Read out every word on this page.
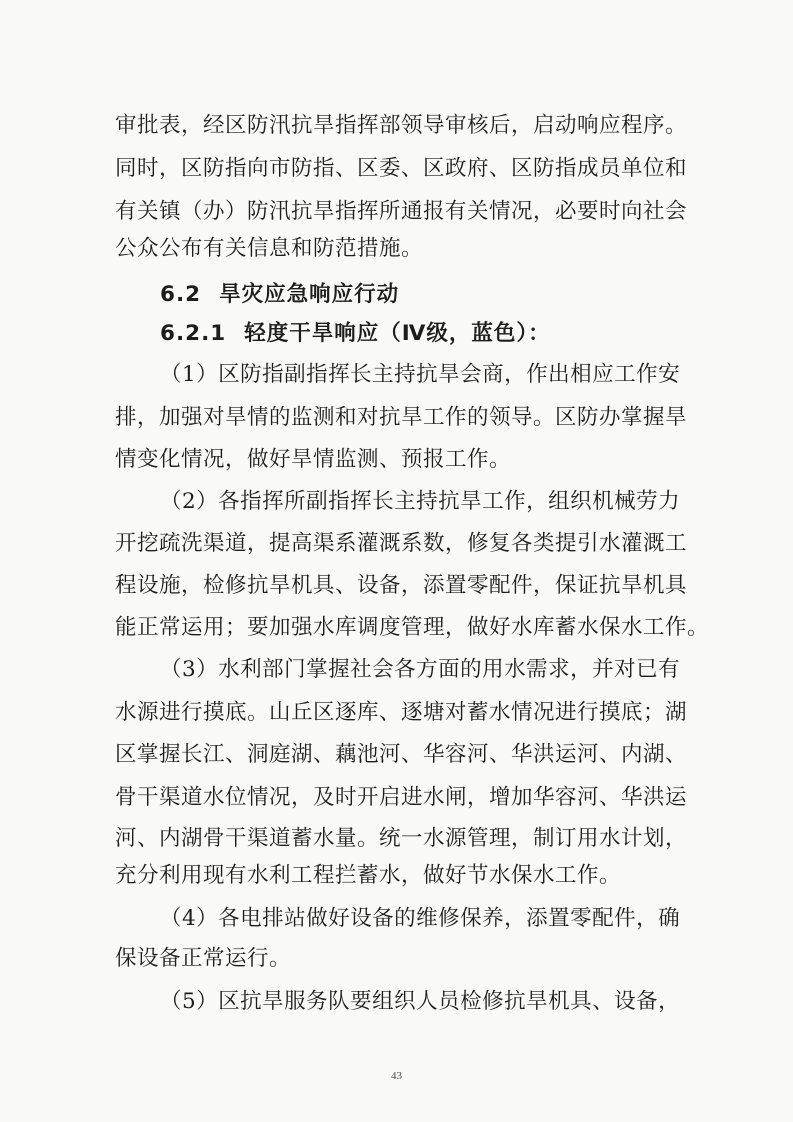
审批表，经区防汛抗旱指挥部领导审核后，启动响应程序。
同时，区防指向市防指、区委、区政府、区防指成员单位和
有关镇（办）防汛抗旱指挥所通报有关情况，必要时向社会
公众公布有关信息和防范措施。
6.2 旱灾应急响应行动
6.2.1 轻度干旱响应（Ⅳ级，蓝色）：
（1）区防指副指挥长主持抗旱会商，作出相应工作安
排，加强对旱情的监测和对抗旱工作的领导。区防办掌握旱
情变化情况，做好旱情监测、预报工作。
（2）各指挥所副指挥长主持抗旱工作，组织机械劳力
开挖疏洗渠道，提高渠系灌溉系数，修复各类提引水灌溉工
程设施，检修抗旱机具、设备，添置零配件，保证抗旱机具
能正常运用；要加强水库调度管理，做好水库蓄水保水工作。
（3）水利部门掌握社会各方面的用水需求，并对已有
水源进行摸底。山丘区逐库、逐塘对蓄水情况进行摸底；湖
区掌握长江、洞庭湖、藕池河、华容河、华洪运河、内湖、
骨干渠道水位情况，及时开启进水闸，增加华容河、华洪运
河、内湖骨干渠道蓄水量。统一水源管理，制订用水计划，
充分利用现有水利工程拦蓄水，做好节水保水工作。
（4）各电排站做好设备的维修保养，添置零配件，确
保设备正常运行。
（5）区抗旱服务队要组织人员检修抗旱机具、设备，
43
